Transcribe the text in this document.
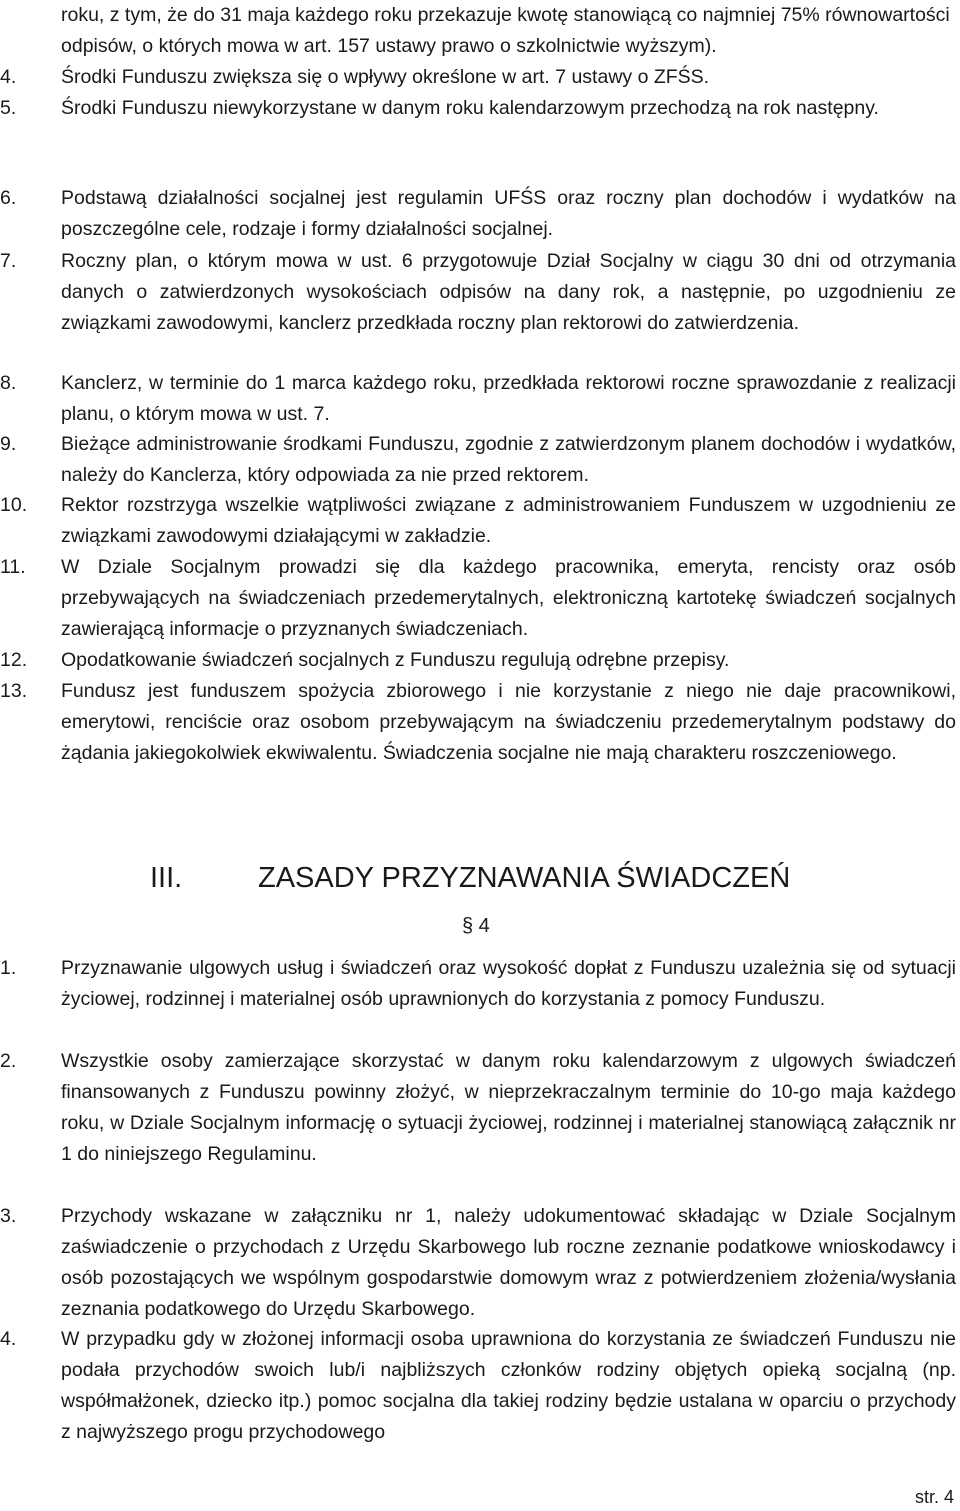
roku, z tym, że do 31 maja każdego roku przekazuje kwotę stanowiącą co najmniej 75% równowartości odpisów, o których mowa w art. 157 ustawy prawo o szkolnictwie wyższym).
4. Środki Funduszu zwiększa się o wpływy określone w art. 7 ustawy o ZFŚS.
5. Środki Funduszu niewykorzystane w danym roku kalendarzowym przechodzą na rok następny.
6. Podstawą działalności socjalnej jest regulamin UFŚS oraz roczny plan dochodów i wydatków na poszczególne cele, rodzaje i formy działalności socjalnej.
7. Roczny plan, o którym mowa w ust. 6 przygotowuje Dział Socjalny w ciągu 30 dni od otrzymania danych o zatwierdzonych wysokościach odpisów na dany rok, a następnie, po uzgodnieniu ze związkami zawodowymi, kanclerz przedkłada roczny plan rektorowi do zatwierdzenia.
8. Kanclerz, w terminie do 1 marca każdego roku, przedkłada rektorowi roczne sprawozdanie z realizacji planu, o którym mowa w ust. 7.
9. Bieżące administrowanie środkami Funduszu, zgodnie z zatwierdzonym planem dochodów i wydatków, należy do Kanclerza, który odpowiada za nie przed rektorem.
10. Rektor rozstrzyga wszelkie wątpliwości związane z administrowaniem Funduszem w uzgodnieniu ze związkami zawodowymi działającymi w zakładzie.
11. W Dziale Socjalnym prowadzi się dla każdego pracownika, emeryta, rencisty oraz osób przebywających na świadczeniach przedemerytalnych, elektroniczną kartotekę świadczeń socjalnych zawierającą informacje o przyznanych świadczeniach.
12. Opodatkowanie świadczeń socjalnych z Funduszu regulują odrębne przepisy.
13. Fundusz jest funduszem spożycia zbiorowego i nie korzystanie z niego nie daje pracownikowi, emerytowi, renciście oraz osobom przebywającym na świadczeniu przedemerytalnym podstawy do żądania jakiegokolwiek ekwiwalentu. Świadczenia socjalne nie mają charakteru roszczeniowego.
III.	ZASADY PRZYZNAWANIA ŚWIADCZEŃ
§ 4
1. Przyznawanie ulgowych usług i świadczeń oraz wysokość dopłat z Funduszu uzależnia się od sytuacji życiowej, rodzinnej i materialnej osób uprawnionych do korzystania z pomocy Funduszu.
2. Wszystkie osoby zamierzające skorzystać w danym roku kalendarzowym z ulgowych świadczeń finansowanych z Funduszu powinny złożyć, w nieprzekraczalnym terminie do 10-go maja każdego roku, w Dziale Socjalnym informację o sytuacji życiowej, rodzinnej i materialnej stanowiącą załącznik nr 1 do niniejszego Regulaminu.
3. Przychody wskazane w załączniku nr 1, należy udokumentować składając w Dziale Socjalnym zaświadczenie o przychodach z Urzędu Skarbowego lub roczne zeznanie podatkowe wnioskodawcy i osób pozostających we wspólnym gospodarstwie domowym wraz z potwierdzeniem złożenia/wysłania zeznania podatkowego do Urzędu Skarbowego.
4. W przypadku gdy w złożonej informacji osoba uprawniona do korzystania ze świadczeń Funduszu nie podała przychodów swoich lub/i najbliższych członków rodziny objętych opieką socjalną (np. współmałżonek, dziecko itp.) pomoc socjalna dla takiej rodziny będzie ustalana w oparciu o przychody z najwyższego progu przychodowego
str. 4
